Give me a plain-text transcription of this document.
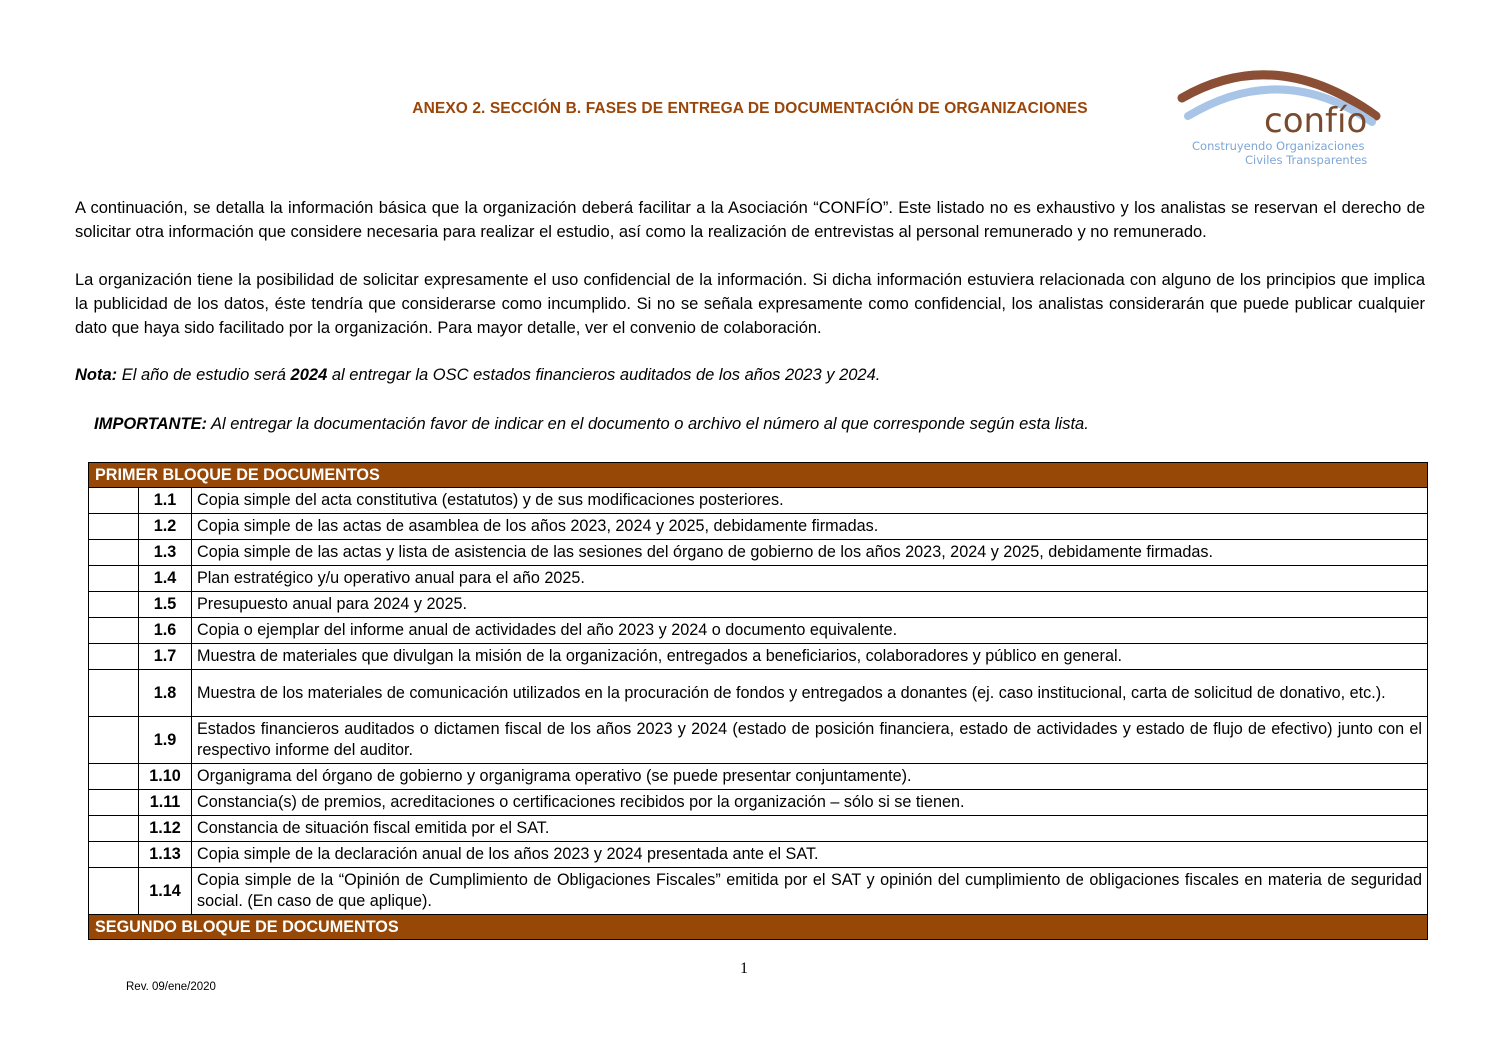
ANEXO 2. SECCIÓN B. FASES DE ENTREGA DE DOCUMENTACIÓN DE ORGANIZACIONES	confío
Construyendo Organizaciones
Civiles Transparentes

A continuación, se detalla la información básica que la organización deberá facilitar a la Asociación “CONFÍO”. Este listado no es exhaustivo y los analistas se reservan el derecho de solicitar otra información que considere necesaria para realizar el estudio, así como la realización de entrevistas al personal remunerado y no remunerado.

La organización tiene la posibilidad de solicitar expresamente el uso confidencial de la información. Si dicha información estuviera relacionada con alguno de los principios que implica la publicidad de los datos, éste tendría que considerarse como incumplido. Si no se señala expresamente como confidencial, los analistas considerarán que puede publicar cualquier dato que haya sido facilitado por la organización. Para mayor detalle, ver el convenio de colaboración.

Nota: El año de estudio será 2024 al entregar la OSC estados financieros auditados de los años 2023 y 2024.

IMPORTANTE: Al entregar la documentación favor de indicar en el documento o archivo el número al que corresponde según esta lista.

PRIMER BLOQUE DE DOCUMENTOS		
	1.1	Copia simple del acta constitutiva (estatutos) y de sus modificaciones posteriores.
	1.2	Copia simple de las actas de asamblea de los años 2023, 2024 y 2025, debidamente firmadas.
	1.3	Copia simple de las actas y lista de asistencia de las sesiones del órgano de gobierno de los años 2023, 2024 y 2025, debidamente firmadas.
	1.4	Plan estratégico y/u operativo anual para el año 2025.
	1.5	Presupuesto anual para 2024 y 2025.
	1.6	Copia o ejemplar del informe anual de actividades del año 2023 y 2024 o documento equivalente.
	1.7	Muestra de materiales que divulgan la misión de la organización, entregados a beneficiarios, colaboradores y público en general.
	1.8	Muestra de los materiales de comunicación utilizados en la procuración de fondos y entregados a donantes (ej. caso institucional, carta de solicitud de donativo, etc.).
	1.9	Estados financieros auditados o dictamen fiscal de los años 2023 y 2024 (estado de posición financiera, estado de actividades y estado de flujo de efectivo) junto con el respectivo informe del auditor.
	1.10	Organigrama del órgano de gobierno y organigrama operativo (se puede presentar conjuntamente).
	1.11	Constancia(s) de premios, acreditaciones o certificaciones recibidos por la organización – sólo si se tienen.
	1.12	Constancia de situación fiscal emitida por el SAT.
	1.13	Copia simple de la declaración anual de los años 2023 y 2024 presentada ante el SAT.
	1.14	Copia simple de la “Opinión de Cumplimiento de Obligaciones Fiscales” emitida por el SAT y opinión del cumplimiento de obligaciones fiscales en materia de seguridad social. (En caso de que aplique).
SEGUNDO BLOQUE DE DOCUMENTOS		
1
Rev. 09/ene/2020
